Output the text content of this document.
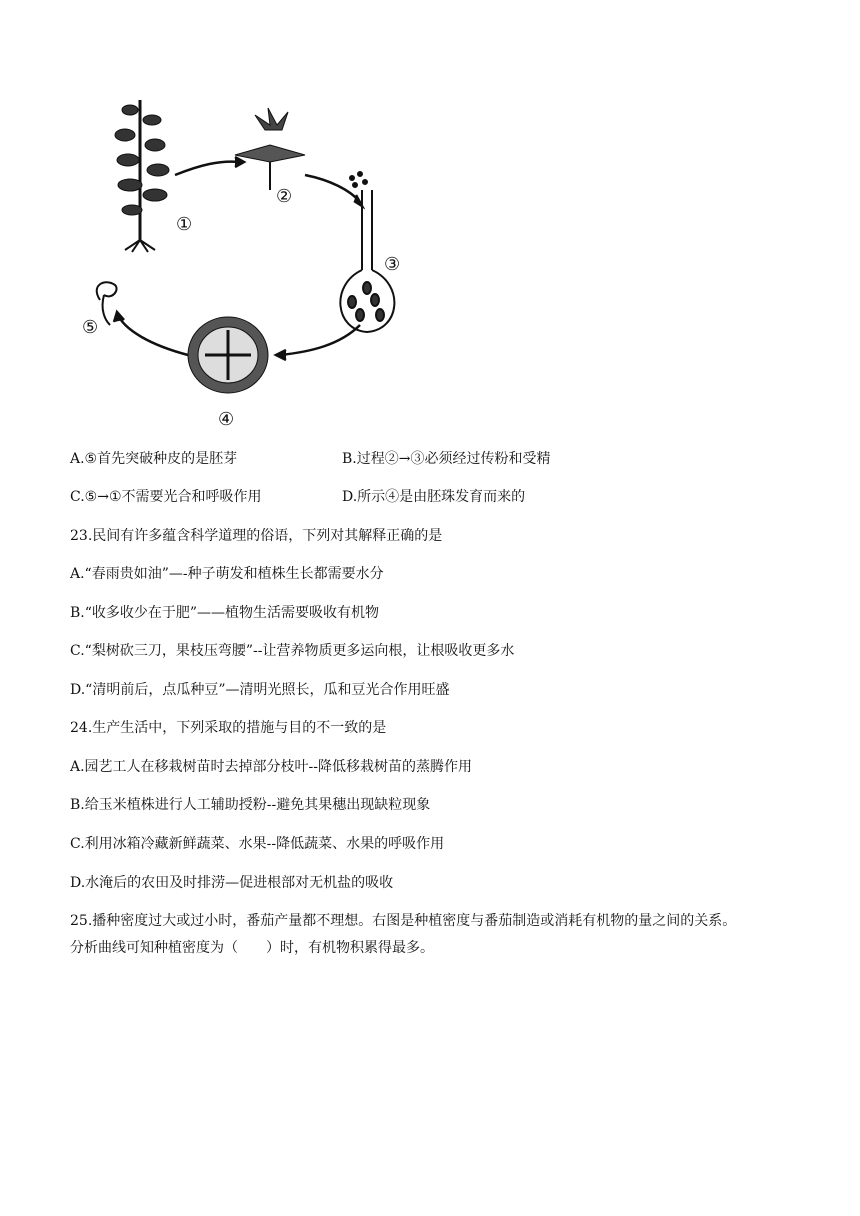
①
②
③
④
⑤
A.⑤首先突破种皮的是胚芽	B.过程②→③必须经过传粉和受精
C.⑤→①不需要光合和呼吸作用	D.所示④是由胚珠发育而来的
23.民间有许多蕴含科学道理的俗语，下列对其解释正确的是
A.“春雨贵如油”—-种子萌发和植株生长都需要水分
B.“收多收少在于肥”——植物生活需要吸收有机物
C.“梨树砍三刀，果枝压弯腰”--让营养物质更多运向根，让根吸收更多水
D.“清明前后，点瓜种豆”—清明光照长，瓜和豆光合作用旺盛
24.生产生活中，下列采取的措施与目的不一致的是
A.园艺工人在移栽树苗时去掉部分枝叶--降低移栽树苗的蒸腾作用
B.给玉米植株进行人工辅助授粉--避免其果穗出现缺粒现象
C.利用冰箱冷藏新鲜蔬菜、水果--降低蔬菜、水果的呼吸作用
D.水淹后的农田及时排涝—促进根部对无机盐的吸收
25.播种密度过大或过小时，番茄产量都不理想。右图是种植密度与番茄制造或消耗有机物的量之间的关系。
分析曲线可知种植密度为（　　）时，有机物积累得最多。
